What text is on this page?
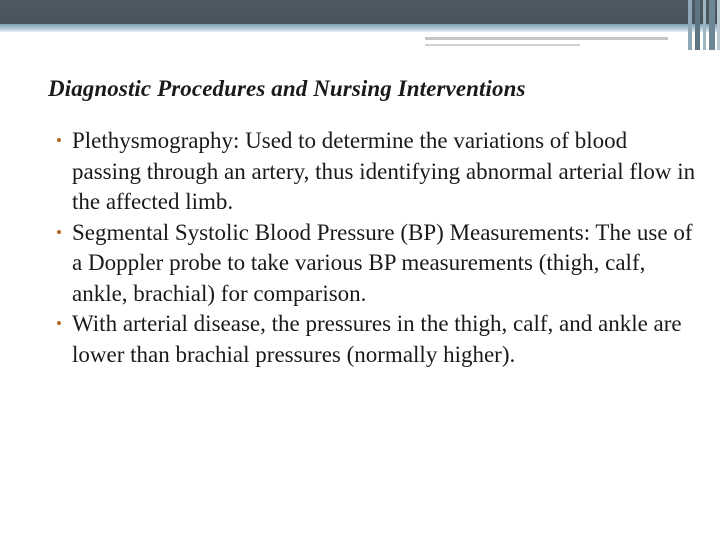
Diagnostic Procedures and Nursing Interventions
• Plethysmography: Used to determine the variations of blood passing through an artery, thus identifying abnormal arterial flow in the affected limb.
• Segmental Systolic Blood Pressure (BP) Measurements: The use of a Doppler probe to take various BP measurements (thigh, calf, ankle, brachial) for comparison.
• With arterial disease, the pressures in the thigh, calf, and ankle are lower than brachial pressures (normally higher).
